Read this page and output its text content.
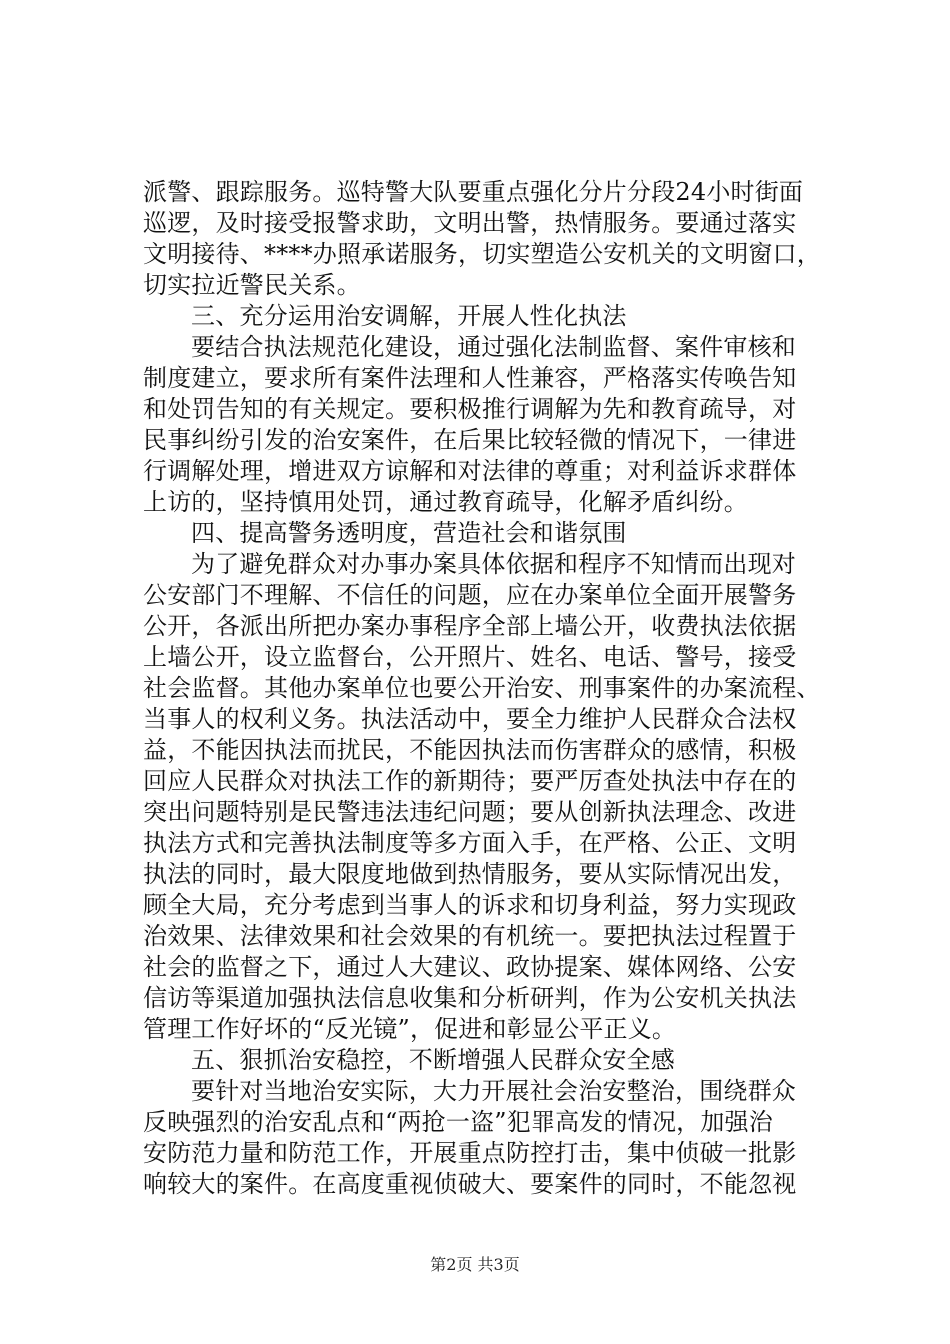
派警、跟踪服务。巡特警大队要重点强化分片分段24小时街面
巡逻，及时接受报警求助，文明出警，热情服务。要通过落实
文明接待、****办照承诺服务，切实塑造公安机关的文明窗口，
切实拉近警民关系。
三、充分运用治安调解，开展人性化执法
要结合执法规范化建设，通过强化法制监督、案件审核和
制度建立，要求所有案件法理和人性兼容，严格落实传唤告知
和处罚告知的有关规定。要积极推行调解为先和教育疏导，对
民事纠纷引发的治安案件，在后果比较轻微的情况下，一律进
行调解处理，增进双方谅解和对法律的尊重；对利益诉求群体
上访的，坚持慎用处罚，通过教育疏导，化解矛盾纠纷。
四、提高警务透明度，营造社会和谐氛围
为了避免群众对办事办案具体依据和程序不知情而出现对
公安部门不理解、不信任的问题，应在办案单位全面开展警务
公开，各派出所把办案办事程序全部上墙公开，收费执法依据
上墙公开，设立监督台，公开照片、姓名、电话、警号，接受
社会监督。其他办案单位也要公开治安、刑事案件的办案流程、
当事人的权利义务。执法活动中，要全力维护人民群众合法权
益，不能因执法而扰民，不能因执法而伤害群众的感情，积极
回应人民群众对执法工作的新期待；要严厉查处执法中存在的
突出问题特别是民警违法违纪问题；要从创新执法理念、改进
执法方式和完善执法制度等多方面入手，在严格、公正、文明
执法的同时，最大限度地做到热情服务，要从实际情况出发，
顾全大局，充分考虑到当事人的诉求和切身利益，努力实现政
治效果、法律效果和社会效果的有机统一。要把执法过程置于
社会的监督之下，通过人大建议、政协提案、媒体网络、公安
信访等渠道加强执法信息收集和分析研判，作为公安机关执法
管理工作好坏的“反光镜”，促进和彰显公平正义。
五、狠抓治安稳控，不断增强人民群众安全感
要针对当地治安实际，大力开展社会治安整治，围绕群众
反映强烈的治安乱点和“两抢一盗”犯罪高发的情况，加强治
安防范力量和防范工作，开展重点防控打击，集中侦破一批影
响较大的案件。在高度重视侦破大、要案件的同时，不能忽视
第2页 共3页
